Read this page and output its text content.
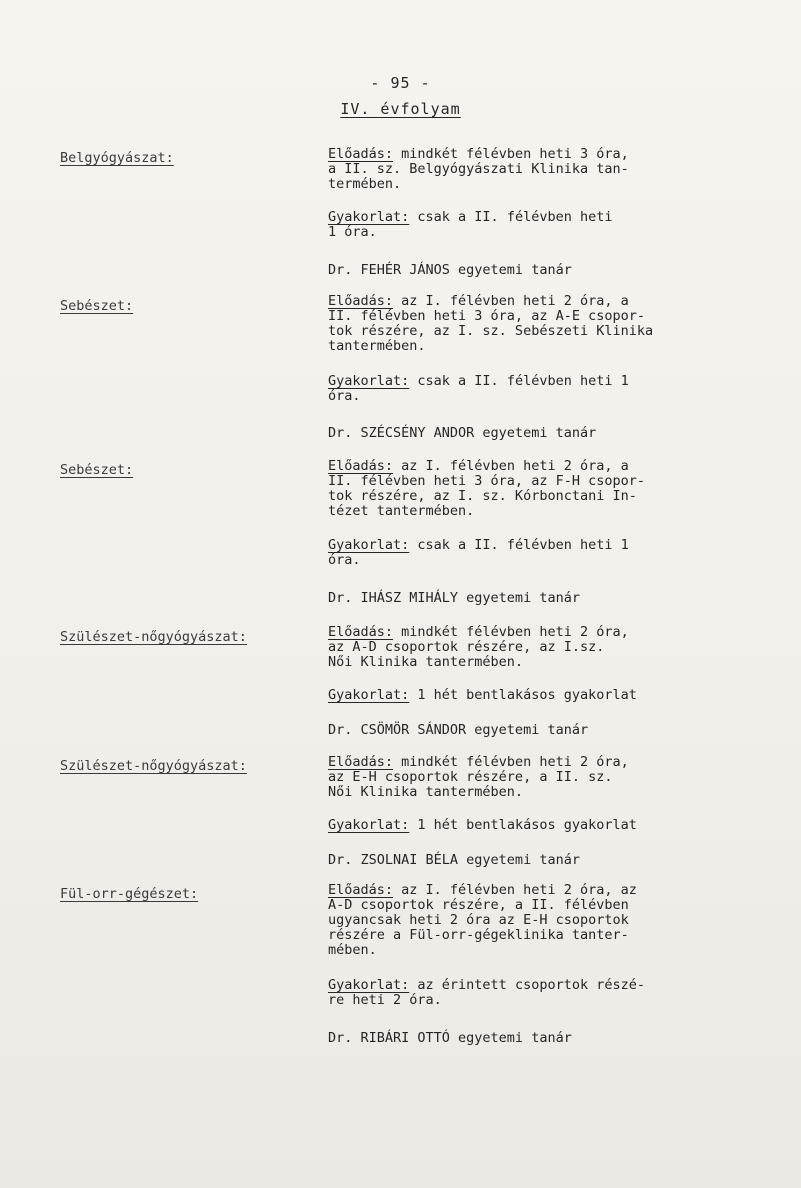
- 95 -
IV. évfolyam
Belgyógyászat:	Előadás: mindkét félévben heti 3 óra,
a II. sz. Belgyógyászati Klinika tan-
termében.
Gyakorlat: csak a II. félévben heti
1 óra.
Dr. FEHÉR JÁNOS egyetemi tanár
Sebészet:	Előadás: az I. félévben heti 2 óra, a
II. félévben heti 3 óra, az A-E csopor-
tok részére, az I. sz. Sebészeti Klinika
tantermében.
Gyakorlat: csak a II. félévben heti 1
óra.
Dr. SZÉCSÉNY ANDOR egyetemi tanár
Sebészet:	Előadás: az I. félévben heti 2 óra, a
II. félévben heti 3 óra, az F-H csopor-
tok részére, az I. sz. Kórbonctani In-
tézet tantermében.
Gyakorlat: csak a II. félévben heti 1
óra.
Dr. IHÁSZ MIHÁLY egyetemi tanár
Szülészet-nőgyógyászat:	Előadás: mindkét félévben heti 2 óra,
az A-D csoportok részére, az I.sz.
Női Klinika tantermében.
Gyakorlat: 1 hét bentlakásos gyakorlat
Dr. CSÖMÖR SÁNDOR egyetemi tanár
Szülészet-nőgyógyászat:	Előadás: mindkét félévben heti 2 óra,
az E-H csoportok részére, a II. sz.
Női Klinika tantermében.
Gyakorlat: 1 hét bentlakásos gyakorlat
Dr. ZSOLNAI BÉLA egyetemi tanár
Fül-orr-gégészet:	Előadás: az I. félévben heti 2 óra, az
A-D csoportok részére, a II. félévben
ugyancsak heti 2 óra az E-H csoportok
részére a Fül-orr-gégeklinika tanter-
mében.
Gyakorlat: az érintett csoportok részé-
re heti 2 óra.
Dr. RIBÁRI OTTÓ egyetemi tanár
